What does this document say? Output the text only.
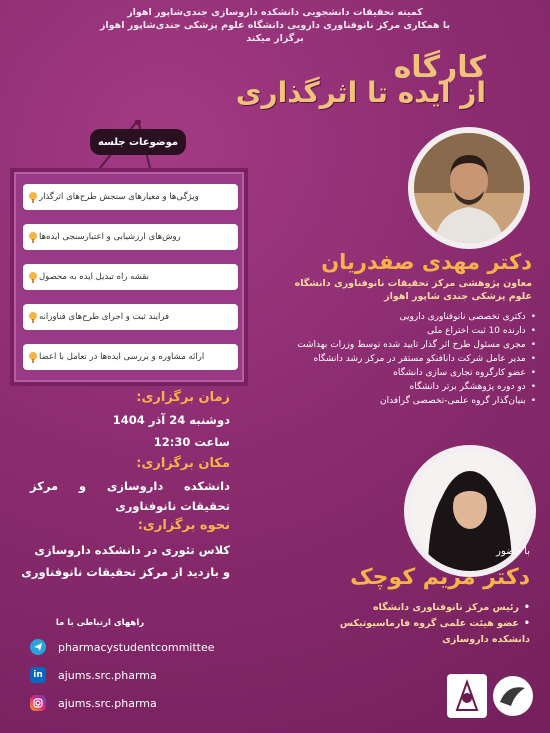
کمیته تحقیقات دانشجویی دانشکده داروسازی جندی‌شاپور اهواز
با همکاری مرکز نانوفناوری دارویی دانشگاه علوم پزشکی جندی‌شاپور اهواز
برگزار میکند
کارگاه
از ایده تا اثرگذاری
دکتر مهدی صفدریان
معاون پژوهشی مرکز تحقیقات نانوفناوری دانشگاه
علوم پزشکی جندی شاپور اهواز
• دکتری تخصصی نانوفناوری دارویی
• دارنده 10 ثبت اختراع ملی
• مجری مسئول طرح اثر گذار تایید شده توسط وزرات بهداشت
• مدیر عامل شرکت دانافنکو مستقر در مرکز رشد دانشگاه
• عضو کارگروه تجاری سازی دانشگاه
• دو دوره پژوهشگر برتر دانشگاه
• بنیان‌گذار گروه علمی-تخصصی گرافدان
موضوعات جلسه
ویژگی‌ها و معیارهای سنجش طرح‌های اثرگذار
روش‌های ارزشیابی و اعتبارسنجی ایده‌ها
نقشه راه تبدیل ایده به محصول
فرایند ثبت و اجرای طرح‌های فناورانه
ارائه مشاوره و بررسی ایده‌ها در تعامل با اعضا
زمان برگزاری:
دوشنبه 24 آذر 1404
ساعت 12:30
مکان برگزاری:
دانشکده داروسازی و مرکز تحقیقات نانوفناوری
نحوه برگزاری:
کلاس تئوری در دانشکده داروسازی
و بازدید از مرکز تحقیقات نانوفناوری
با حضور
دکتر مریم کوچک
• رئیس مرکز نانوفناوری دانشگاه
• عضو هیئت علمی گروه فارماسیوتیکس دانشکده داروسازی
راههای ارتباطی با ما
pharmacystudentcommittee
in ajums.src.pharma
ajums.src.pharma
